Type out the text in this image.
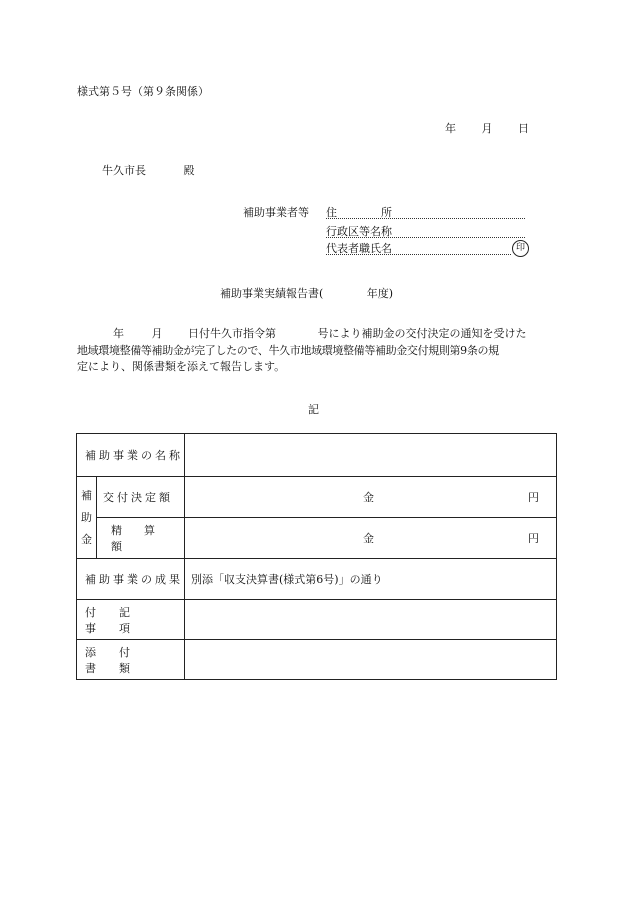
様式第５号（第９条関係）
年 月 日
牛久市長	殿
補助事業者等 住　　　　所
行政区等名称
代表者職氏名	印
補助事業実績報告書(	年度)
年	月 日付牛久市指令第	号により補助金の交付決定の通知を受けた
地域環境整備等補助金が完了したので、牛久市地域環境整備等補助金交付規則第9条の規
定により、関係書類を添えて報告します。
記
補助事業の名称		

補助金	交付決定額	金 円

	精算額	金 円

補助事業の成果		別添「収支決算書(様式第6号)」の通り

付記事項		

添付書類		
